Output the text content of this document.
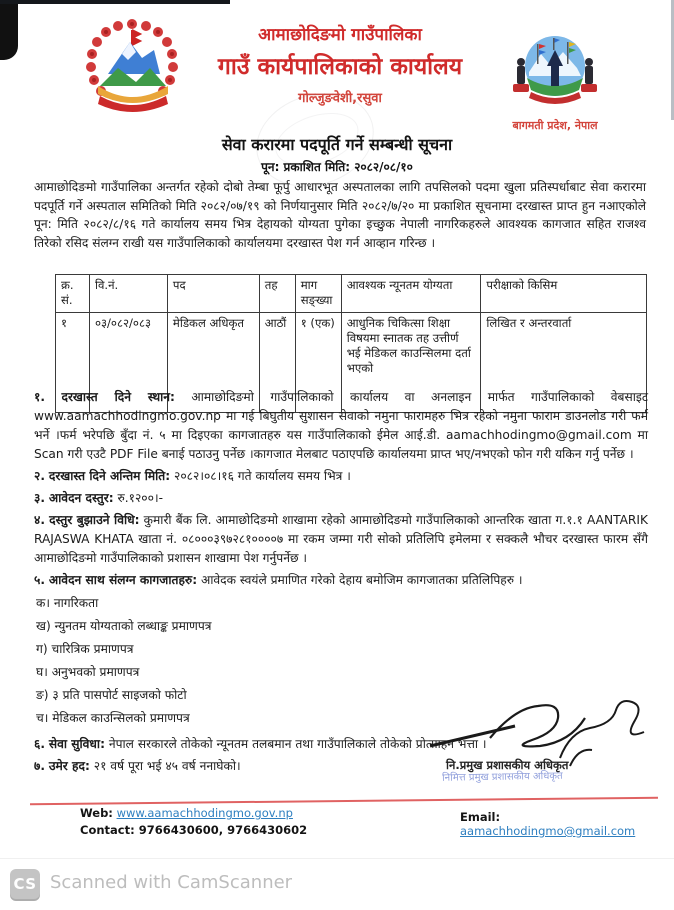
आमाछोदिङमो गाउँपालिका
गाउँ कार्यपालिकाको कार्यालय
गोल्जुङवेशी,रसुवा
बागमती प्रदेश, नेपाल
सेवा करारमा पदपूर्ति गर्ने सम्बन्धी सूचना
पून: प्रकाशित मिति: २०८२/०८/१०
आमाछोदिङमो गाउँपालिका अन्तर्गत रहेको दोबो तेम्बा फूर्पु आधारभूत अस्पतालका लागि तपसिलको पदमा खुला प्रतिस्पर्धाबाट सेवा करारमा पदपूर्ति गर्ने अस्पताल समितिको मिति २०८२/०७/१९ को निर्णयानुसार मिति २०८२/७/२० मा प्रकाशित सूचनामा दरखास्त प्राप्त हुन नआएकोले पून: मिति २०८२/८/१६ गते कार्यालय समय भित्र देहायको योग्यता पुगेका इच्छुक नेपाली नागरिकहरुले आवश्यक कागजात सहित राजश्व तिरेको रसिद संलग्न राखी यस गाउँपालिकाको कार्यालयमा दरखास्त पेश गर्न आव्हान गरिन्छ ।
क्र. सं.	वि.नं.	पद	तह	माग सङ्ख्या	आवश्यक न्यूनतम योग्यता	परीक्षाको किसिम
१	०३/०८२/०८३	मेडिकल अधिकृत	आठौं	१ (एक)	आधुनिक चिकित्सा शिक्षा विषयमा स्नातक तह उत्तीर्ण भई मेडिकल काउन्सिलमा दर्ता भएको	लिखित र अन्तरवार्ता
१. दरखास्त दिने स्थान: आमाछोदिङमो गाउँपालिकाको कार्यालय वा अनलाइन मार्फत गाउँपालिकाको वेबसाइट www.aamachhodingmo.gov.np मा गई बिघुतीय सुशासन सेवाको नमुना फारामहरु भित्र रहेको नमुना फाराम डाउनलोड गरी फर्म भर्ने ।फर्म भरेपछि बुँदा नं. ५ मा दिइएका कागजातहरु यस गाउँपालिकाको ईमेल आई.डी. aamachhodingmo@gmail.com मा Scan गरी एउटै PDF File बनाई पठाउनु पर्नेछ ।कागजात मेलबाट पठाएपछि कार्यालयमा प्राप्त भए/नभएको फोन गरी यकिन गर्नु पर्नेछ ।
२. दरखास्त दिने अन्तिम मिति: २०८२।०८।१६ गते कार्यालय समय भित्र ।
३. आवेदन दस्तुर: रु.१२००।-
४. दस्तुर बुझाउने विधि: कुमारी बैंक लि. आमाछोदिङमो शाखामा रहेको आमाछोदिङमो गाउँपालिकाको आन्तरिक खाता ग.१.१ AANTARIK RAJASWA KHATA खाता नं. ०८०००३९७२८१००००७ मा रकम जम्मा गरी सोको प्रतिलिपि इमेलमा र सक्कलै भौचर दरखास्त फारम सँगै आमाछोदिङमो गाउँपालिकाको प्रशासन शाखामा पेश गर्नुपर्नेछ ।
५. आवेदन साथ संलग्न कागजातहरु: आवेदक स्वयंले प्रमाणित गरेको देहाय बमोजिम कागजातका प्रतिलिपिहरु ।
क। नागरिकता
ख) न्युनतम योग्यताको लब्धाङ्क प्रमाणपत्र
ग) चारित्रिक प्रमाणपत्र
घ। अनुभवको प्रमाणपत्र
ङ) ३ प्रति पासपोर्ट साइजको फोटो
च। मेडिकल काउन्सिलको प्रमाणपत्र
६. सेवा सुविधा: नेपाल सरकारले तोकेको न्यूनतम तलबमान तथा गाउँपालिकाले तोकेको प्रोत्साहन भत्ता ।
७. उमेर हद: २१ वर्ष पूरा भई ४५ वर्ष ननाघेको।
निमित्त प्रमुख प्रशासकीय अधिकृत
नि.प्रमुख प्रशासकीय अधिकृत
Web: www.aamachhodingmo.gov.np
Contact: 9766430600, 9766430602
Email: aamachhodingmo@gmail.com
CS Scanned with CamScanner
